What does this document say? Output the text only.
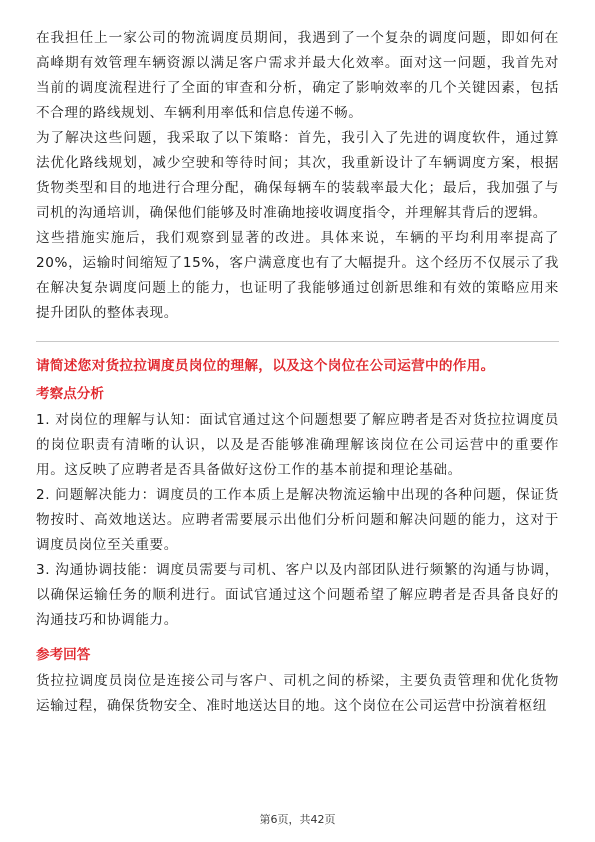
在我担任上一家公司的物流调度员期间，我遇到了一个复杂的调度问题，即如何在高峰期有效管理车辆资源以满足客户需求并最大化效率。面对这一问题，我首先对当前的调度流程进行了全面的审查和分析，确定了影响效率的几个关键因素，包括不合理的路线规划、车辆利用率低和信息传递不畅。

为了解决这些问题，我采取了以下策略：首先，我引入了先进的调度软件，通过算法优化路线规划，减少空驶和等待时间；其次，我重新设计了车辆调度方案，根据货物类型和目的地进行合理分配，确保每辆车的装载率最大化；最后，我加强了与司机的沟通培训，确保他们能够及时准确地接收调度指令，并理解其背后的逻辑。

这些措施实施后，我们观察到显著的改进。具体来说，车辆的平均利用率提高了20%，运输时间缩短了15%，客户满意度也有了大幅提升。这个经历不仅展示了我在解决复杂调度问题上的能力，也证明了我能够通过创新思维和有效的策略应用来提升团队的整体表现。

请简述您对货拉拉调度员岗位的理解，以及这个岗位在公司运营中的作用。

考察点分析

1. 对岗位的理解与认知：面试官通过这个问题想要了解应聘者是否对货拉拉调度员的岗位职责有清晰的认识，以及是否能够准确理解该岗位在公司运营中的重要作用。这反映了应聘者是否具备做好这份工作的基本前提和理论基础。

2. 问题解决能力：调度员的工作本质上是解决物流运输中出现的各种问题，保证货物按时、高效地送达。应聘者需要展示出他们分析问题和解决问题的能力，这对于调度员岗位至关重要。

3. 沟通协调技能：调度员需要与司机、客户以及内部团队进行频繁的沟通与协调，以确保运输任务的顺利进行。面试官通过这个问题希望了解应聘者是否具备良好的沟通技巧和协调能力。

参考回答

货拉拉调度员岗位是连接公司与客户、司机之间的桥梁，主要负责管理和优化货物运输过程，确保货物安全、准时地送达目的地。这个岗位在公司运营中扮演着枢纽

第6页，共42页
